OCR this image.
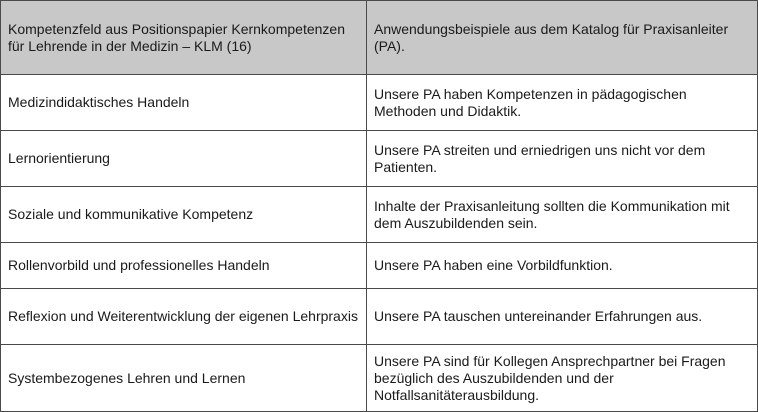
Kompetenzfeld aus Positionspapier Kernkompetenzen für Lehrende in der Medizin – KLM (16)	Anwendungsbeispiele aus dem Katalog für Praxisanleiter (PA).
Medizindidaktisches Handeln	Unsere PA haben Kompetenzen in pädagogischen Methoden und Didaktik.
Lernorientierung	Unsere PA streiten und erniedrigen uns nicht vor dem Patienten.
Soziale und kommunikative Kompetenz	Inhalte der Praxisanleitung sollten die Kommunikation mit dem Auszubildenden sein.
Rollenvorbild und professionelles Handeln	Unsere PA haben eine Vorbildfunktion.
Reflexion und Weiterentwicklung der eigenen Lehrpraxis	Unsere PA tauschen untereinander Erfahrungen aus.
Systembezogenes Lehren und Lernen	Unsere PA sind für Kollegen Ansprechpartner bei Fragen bezüglich des Auszubildenden und der Notfallsanitäterausbildung.
